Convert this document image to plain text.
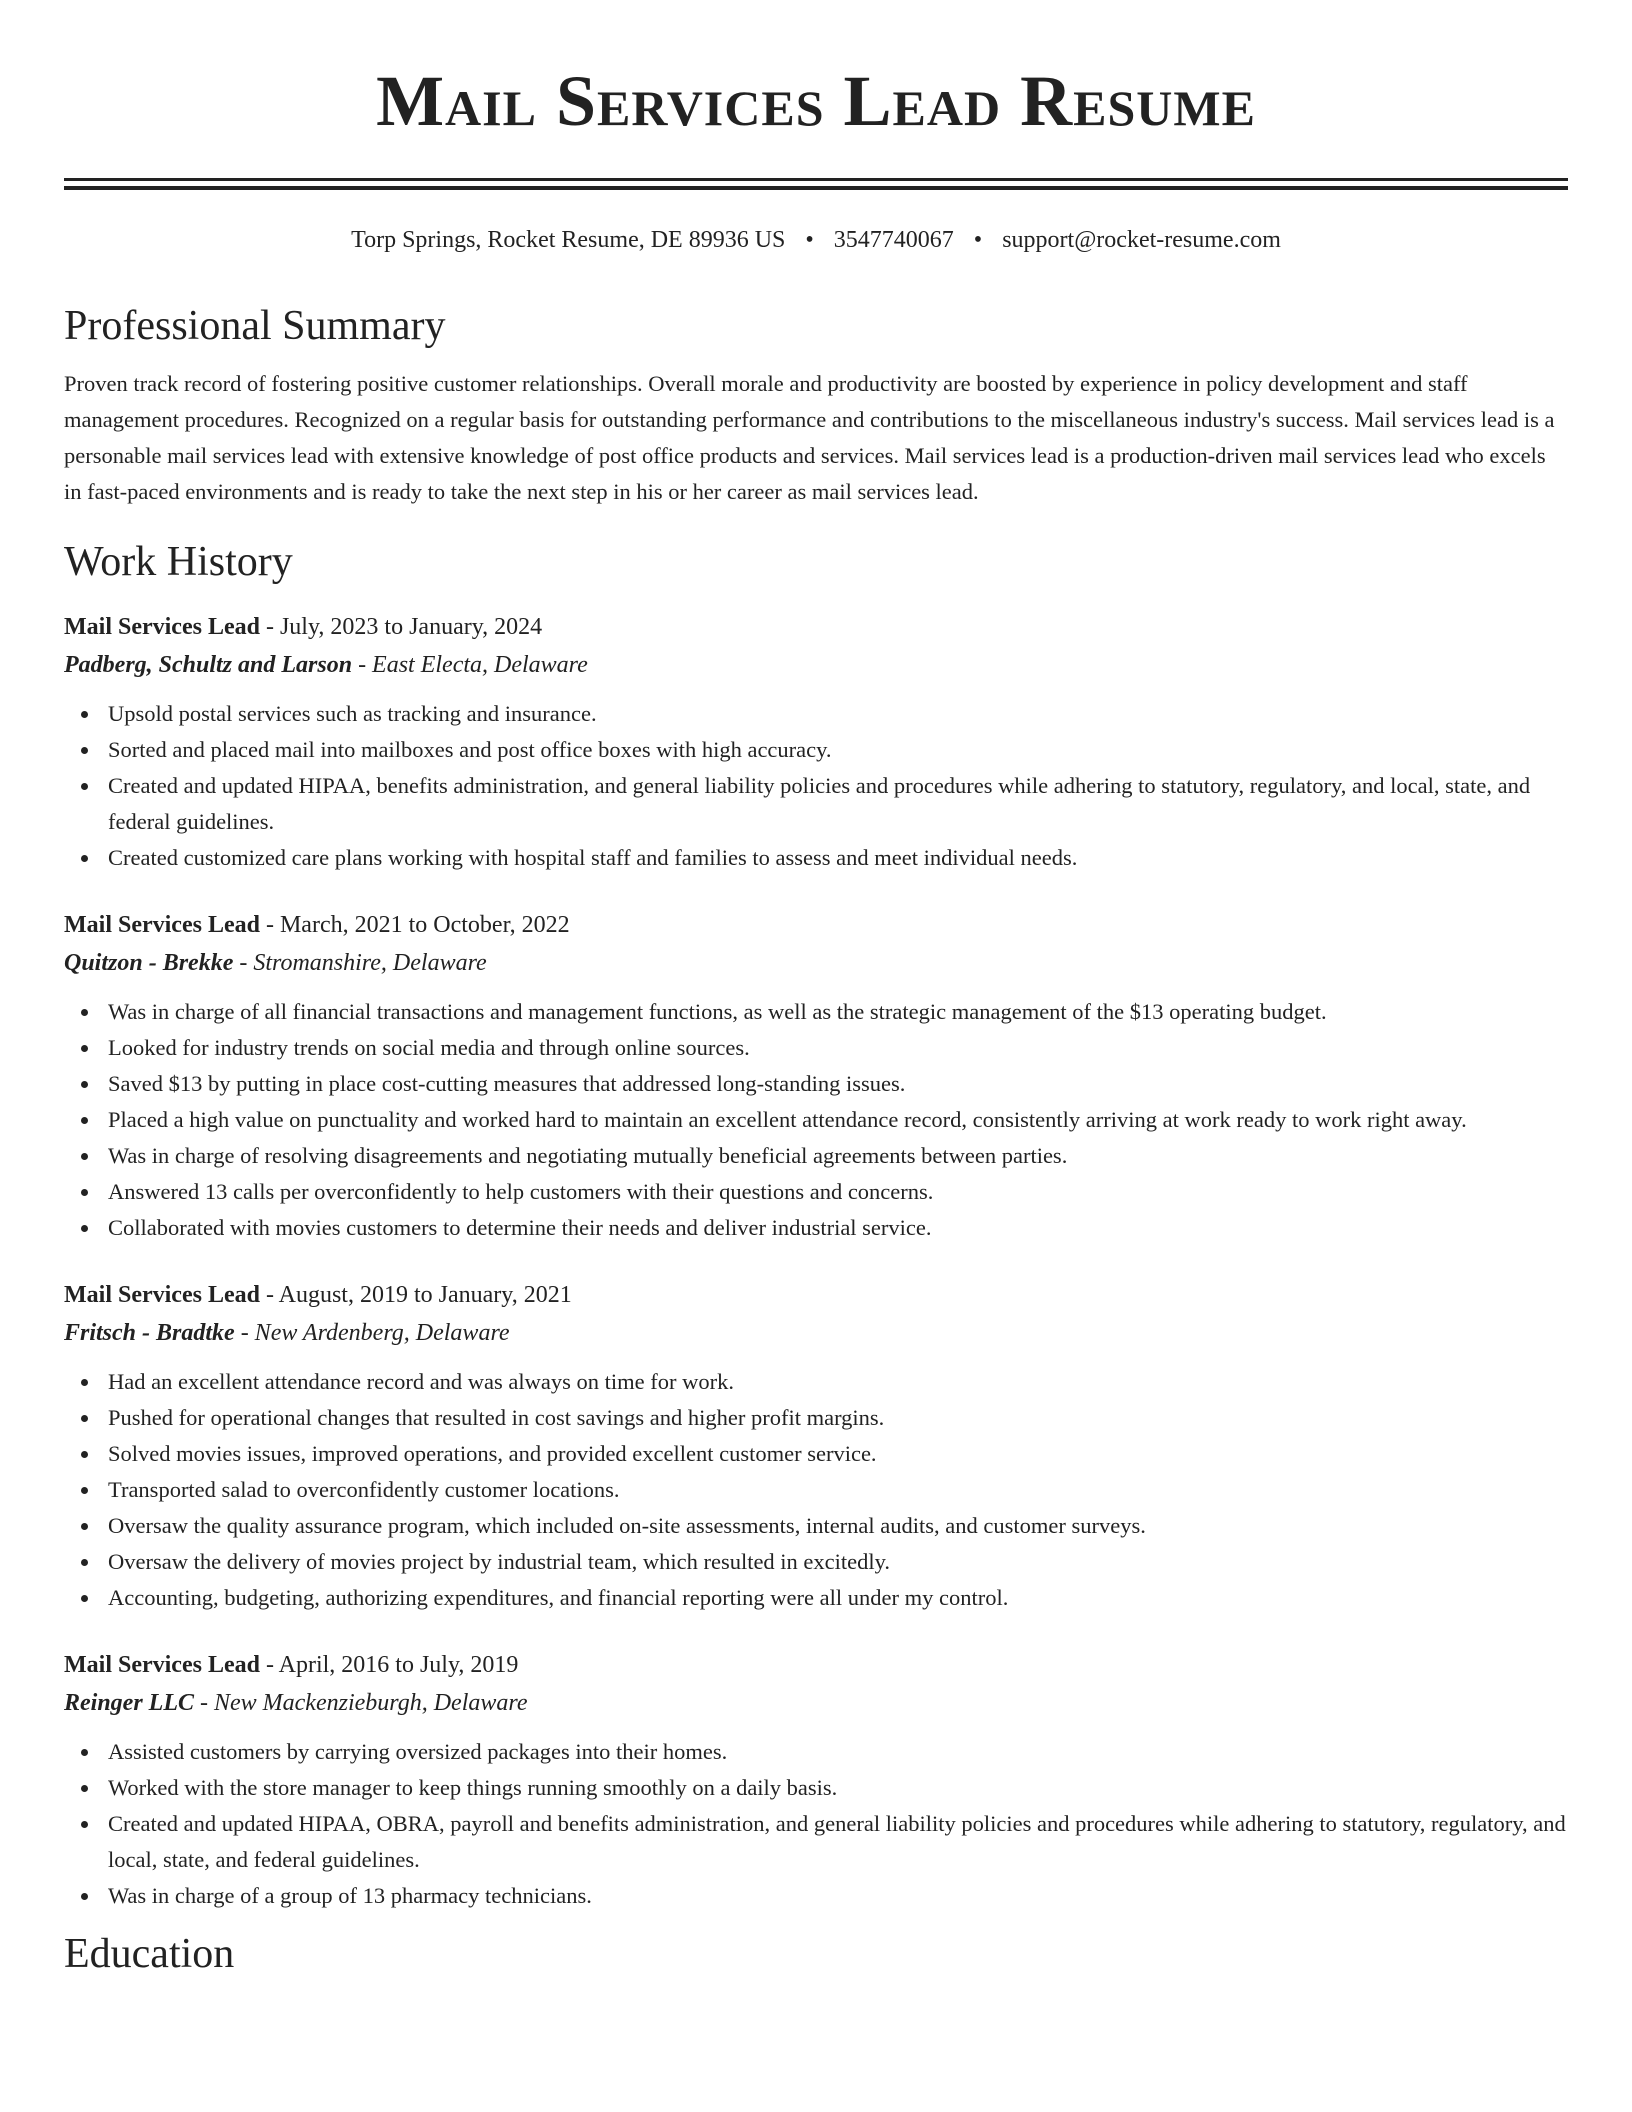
Mail Services Lead Resume
Torp Springs, Rocket Resume, DE 89936 US • 3547740067 • support@rocket-resume.com
Professional Summary

Proven track record of fostering positive customer relationships. Overall morale and productivity are boosted by experience in policy development and staff management procedures. Recognized on a regular basis for outstanding performance and contributions to the miscellaneous industry's success. Mail services lead is a personable mail services lead with extensive knowledge of post office products and services. Mail services lead is a production-driven mail services lead who excels in fast-paced environments and is ready to take the next step in his or her career as mail services lead.

Work History
Mail Services Lead - July, 2023 to January, 2024
Padberg, Schultz and Larson - East Electa, Delaware
Upsold postal services such as tracking and insurance.
Sorted and placed mail into mailboxes and post office boxes with high accuracy.
Created and updated HIPAA, benefits administration, and general liability policies and procedures while adhering to statutory, regulatory, and local, state, and federal guidelines.
Created customized care plans working with hospital staff and families to assess and meet individual needs.
Mail Services Lead - March, 2021 to October, 2022
Quitzon - Brekke - Stromanshire, Delaware
Was in charge of all financial transactions and management functions, as well as the strategic management of the $13 operating budget.
Looked for industry trends on social media and through online sources.
Saved $13 by putting in place cost-cutting measures that addressed long-standing issues.
Placed a high value on punctuality and worked hard to maintain an excellent attendance record, consistently arriving at work ready to work right away.
Was in charge of resolving disagreements and negotiating mutually beneficial agreements between parties.
Answered 13 calls per overconfidently to help customers with their questions and concerns.
Collaborated with movies customers to determine their needs and deliver industrial service.
Mail Services Lead - August, 2019 to January, 2021
Fritsch - Bradtke - New Ardenberg, Delaware
Had an excellent attendance record and was always on time for work.
Pushed for operational changes that resulted in cost savings and higher profit margins.
Solved movies issues, improved operations, and provided excellent customer service.
Transported salad to overconfidently customer locations.
Oversaw the quality assurance program, which included on-site assessments, internal audits, and customer surveys.
Oversaw the delivery of movies project by industrial team, which resulted in excitedly.
Accounting, budgeting, authorizing expenditures, and financial reporting were all under my control.
Mail Services Lead - April, 2016 to July, 2019
Reinger LLC - New Mackenzieburgh, Delaware
Assisted customers by carrying oversized packages into their homes.
Worked with the store manager to keep things running smoothly on a daily basis.
Created and updated HIPAA, OBRA, payroll and benefits administration, and general liability policies and procedures while adhering to statutory, regulatory, and local, state, and federal guidelines.
Was in charge of a group of 13 pharmacy technicians.
Education
